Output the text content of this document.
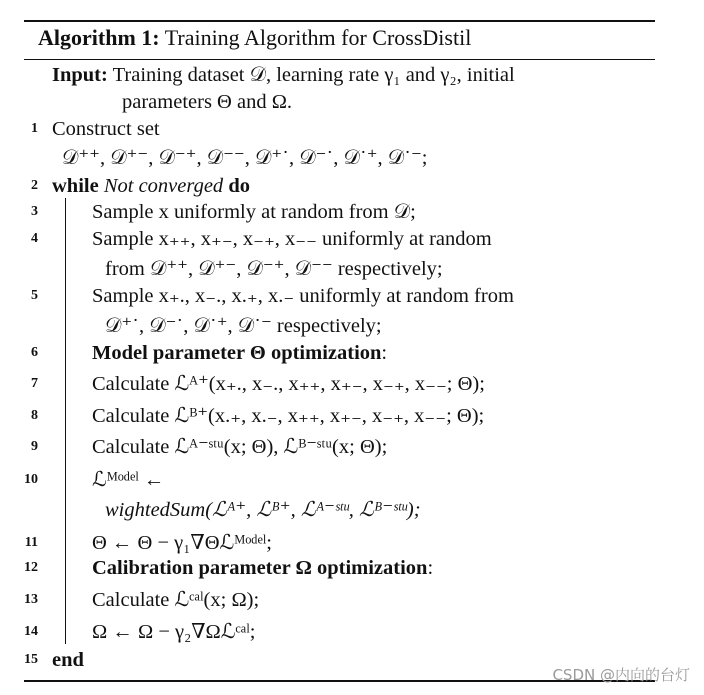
Algorithm 1: Training Algorithm for CrossDistil
Input: Training dataset 𝒟, learning rate γ₁ and γ₂, initial
parameters Θ and Ω.
1 Construct set
𝒟⁺⁺, 𝒟⁺⁻, 𝒟⁻⁺, 𝒟⁻⁻, 𝒟⁺˙, 𝒟⁻˙, 𝒟˙⁺, 𝒟˙⁻;
2 while Not converged do
3	Sample x uniformly at random from 𝒟;
4	Sample x₊₊, x₊₋, x₋₊, x₋₋ uniformly at random
from 𝒟⁺⁺, 𝒟⁺⁻, 𝒟⁻⁺, 𝒟⁻⁻ respectively;
5	Sample x₊., x₋., x.₊, x.₋ uniformly at random from
𝒟⁺˙, 𝒟⁻˙, 𝒟˙⁺, 𝒟˙⁻ respectively;
6	Model parameter Θ optimization:
7	Calculate ℒᴬ⁺(x₊., x₋., x₊₊, x₊₋, x₋₊, x₋₋; Θ);
8	Calculate ℒᴮ⁺(x.₊, x.₋, x₊₊, x₊₋, x₋₊, x₋₋; Θ);
9	Calculate ℒᴬ⁻ˢᵗᵘ(x; Θ), ℒᴮ⁻ˢᵗᵘ(x; Θ);
10	ℒᴹᵒᵈᵉˡ ←
wightedSum(ℒᴬ⁺, ℒᴮ⁺, ℒᴬ⁻ˢᵗᵘ, ℒᴮ⁻ˢᵗᵘ);
11	Θ ← Θ − γ₁∇Θℒᴹᵒᵈᵉˡ;
12	Calibration parameter Ω optimization:
13	Calculate ℒᶜᵃˡ(x; Ω);
14	Ω ← Ω − γ₂∇Ωℒᶜᵃˡ;
15 end
CSDN @内向的台灯
